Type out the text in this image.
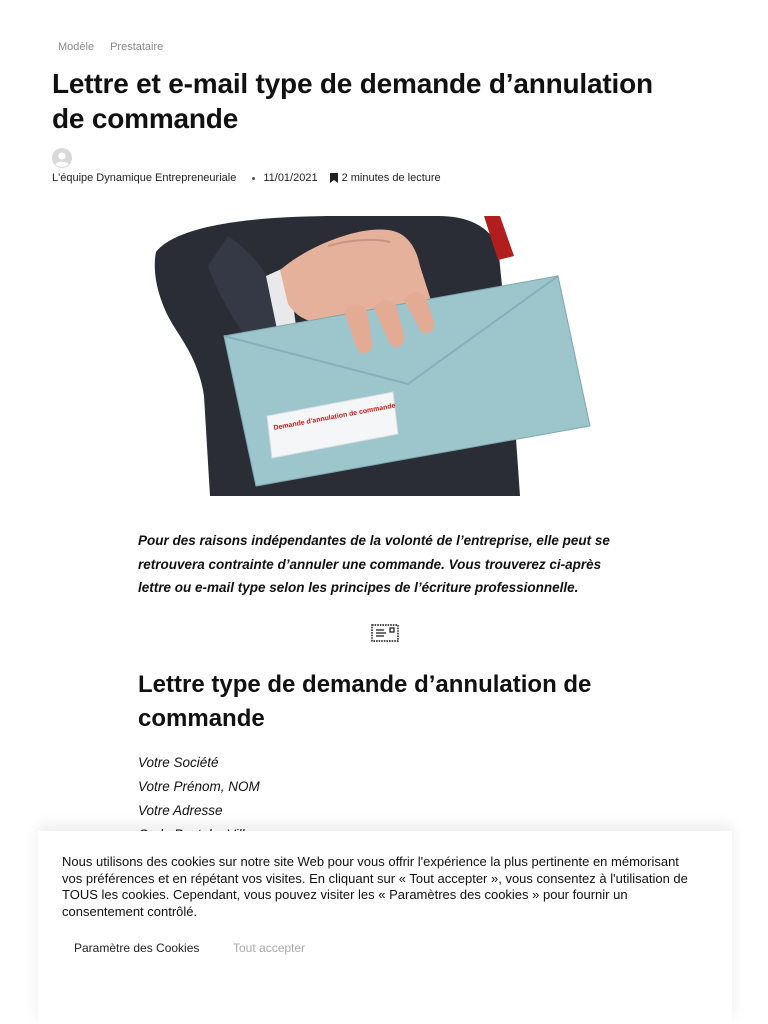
Modèle Prestataire
Lettre et e-mail type de demande d’annulation de commande
L'équipe Dynamique Entrepreneuriale 11/01/2021 2 minutes de lecture
Demande d'annulation de commande

Pour des raisons indépendantes de la volonté de l’entreprise, elle peut se retrouvera contrainte d’annuler une commande. Vous trouverez ci-après lettre ou e-mail type selon les principes de l’écriture professionnelle.

Lettre type de demande d’annulation de commande
Votre Société
Votre Prénom, NOM
Votre Adresse

Nous utilisons des cookies sur notre site Web pour vous offrir l'expérience la plus pertinente en mémorisant vos préférences et en répétant vos visites. En cliquant sur « Tout accepter », vous consentez à l'utilisation de TOUS les cookies. Cependant, vous pouvez visiter les « Paramètres des cookies » pour fournir un consentement contrôlé.

Paramètre des Cookies	Tout accepter
